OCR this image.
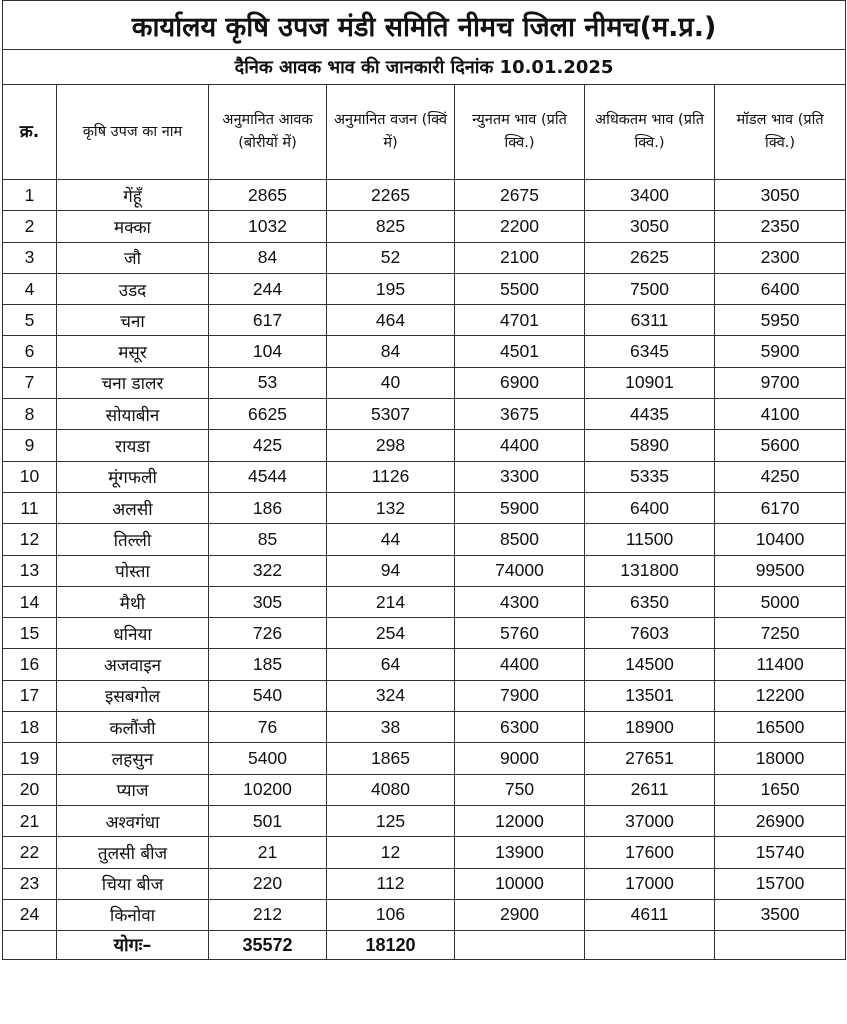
कार्यालय कृषि उपज मंडी समिति नीमच जिला नीमच(म.प्र.)						
दैनिक आवक भाव की जानकारी दिनांक 10.01.2025						
क्र.	कृषि उपज का नाम	अनुमानित आवक (बोरीयों में)	अनुमानित वजन (क्विं में)	न्युनतम भाव (प्रति क्वि.)	अधिकतम भाव (प्रति क्वि.)	मॉडल भाव (प्रति क्वि.)
1	गेंहूँ	2865	2265	2675	3400	3050
2	मक्का	1032	825	2200	3050	2350
3	जौ	84	52	2100	2625	2300
4	उडद	244	195	5500	7500	6400
5	चना	617	464	4701	6311	5950
6	मसूर	104	84	4501	6345	5900
7	चना डालर	53	40	6900	10901	9700
8	सोयाबीन	6625	5307	3675	4435	4100
9	रायडा	425	298	4400	5890	5600
10	मूंगफली	4544	1126	3300	5335	4250
11	अलसी	186	132	5900	6400	6170
12	तिल्ली	85	44	8500	11500	10400
13	पोस्ता	322	94	74000	131800	99500
14	मैथी	305	214	4300	6350	5000
15	धनिया	726	254	5760	7603	7250
16	अजवाइन	185	64	4400	14500	11400
17	इसबगोल	540	324	7900	13501	12200
18	कलौंजी	76	38	6300	18900	16500
19	लहसुन	5400	1865	9000	27651	18000
20	प्याज	10200	4080	750	2611	1650
21	अश्वगंधा	501	125	12000	37000	26900
22	तुलसी बीज	21	12	13900	17600	15740
23	चिया बीज	220	112	10000	17000	15700
24	किनोवा	212	106	2900	4611	3500
	योगः–	35572	18120			
